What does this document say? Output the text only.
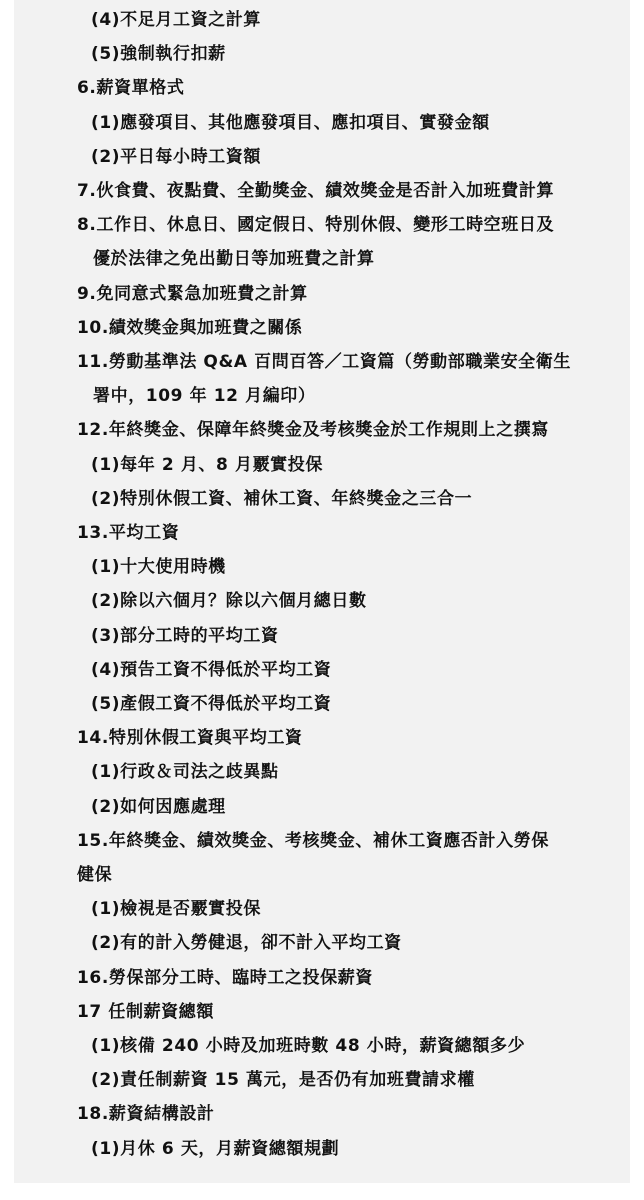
(4)不足月工資之計算
(5)強制執行扣薪
6.薪資單格式
(1)應發項目、其他應發項目、應扣項目、實發金額
(2)平日每小時工資額
7.伙食費、夜點費、全勤獎金、績效獎金是否計入加班費計算
8.工作日、休息日、國定假日、特別休假、變形工時空班日及
優於法律之免出勤日等加班費之計算
9.免同意式緊急加班費之計算
10.績效獎金與加班費之關係
11.勞動基準法 Q&A 百問百答／工資篇（勞動部職業安全衛生
署中，109 年 12 月編印）
12.年終獎金、保障年終獎金及考核獎金於工作規則上之撰寫
(1)每年 2 月、8 月覈實投保
(2)特別休假工資、補休工資、年終獎金之三合一
13.平均工資
(1)十大使用時機
(2)除以六個月？除以六個月總日數
(3)部分工時的平均工資
(4)預告工資不得低於平均工資
(5)產假工資不得低於平均工資
14.特別休假工資與平均工資
(1)行政＆司法之歧異點
(2)如何因應處理
15.年終獎金、績效獎金、考核獎金、補休工資應否計入勞保
健保
(1)檢視是否覈實投保
(2)有的計入勞健退，卻不計入平均工資
16.勞保部分工時、臨時工之投保薪資
17 任制薪資總額
(1)核備 240 小時及加班時數 48 小時，薪資總額多少
(2)責任制薪資 15 萬元，是否仍有加班費請求權
18.薪資結構設計
(1)月休 6 天，月薪資總額規劃
